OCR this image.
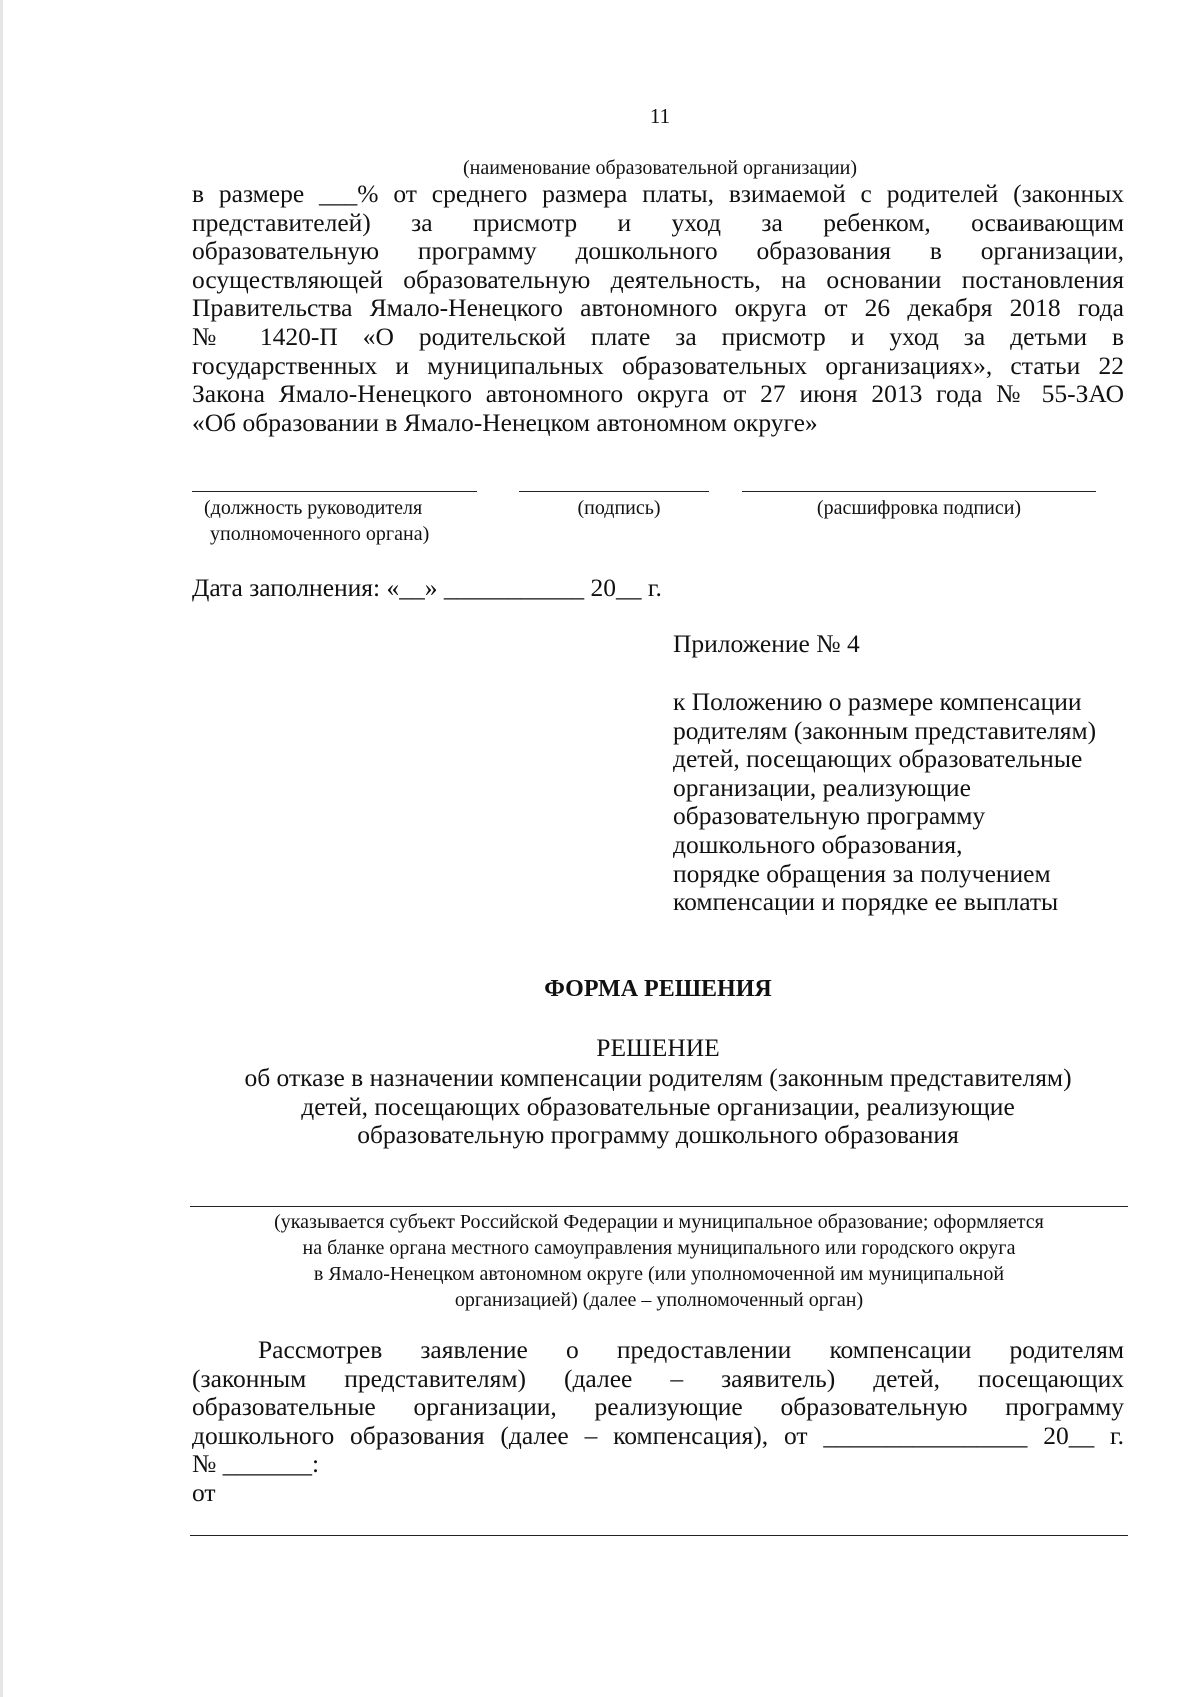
11
(наименование образовательной организации)
в размере ___% от среднего размера платы, взимаемой с родителей (законных
представителей) за присмотр и уход за ребенком, осваивающим
образовательную программу дошкольного образования в организации,
осуществляющей образовательную деятельность, на основании постановления
Правительства Ямало-Ненецкого автономного округа от 26 декабря 2018 года
№ 1420-П «О родительской плате за присмотр и уход за детьми в
государственных и муниципальных образовательных организациях», статьи 22
Закона Ямало-Ненецкого автономного округа от 27 июня 2013 года № 55-ЗАО
«Об образовании в Ямало-Ненецком автономном округе»
(должность руководителя
уполномоченного органа)
(подпись)	(расшифровка подписи)
Дата заполнения: «__» ___________ 20__ г.
Приложение № 4
к Положению о размере компенсации
родителям (законным представителям)
детей, посещающих образовательные
организации, реализующие
образовательную программу
дошкольного образования,
порядке обращения за получением
компенсации и порядке ее выплаты
ФОРМА РЕШЕНИЯ
РЕШЕНИЕ
об отказе в назначении компенсации родителям (законным представителям)
детей, посещающих образовательные организации, реализующие
образовательную программу дошкольного образования
(указывается субъект Российской Федерации и муниципальное образование; оформляется
на бланке органа местного самоуправления муниципального или городского округа
в Ямало-Ненецком автономном округе (или уполномоченной им муниципальной
организацией) (далее – уполномоченный орган)
Рассмотрев заявление о предоставлении компенсации родителям
(законным представителям) (далее – заявитель) детей, посещающих
образовательные организации, реализующие образовательную программу
дошкольного образования (далее – компенсация), от ________________ 20__ г.
№ _______:
от
